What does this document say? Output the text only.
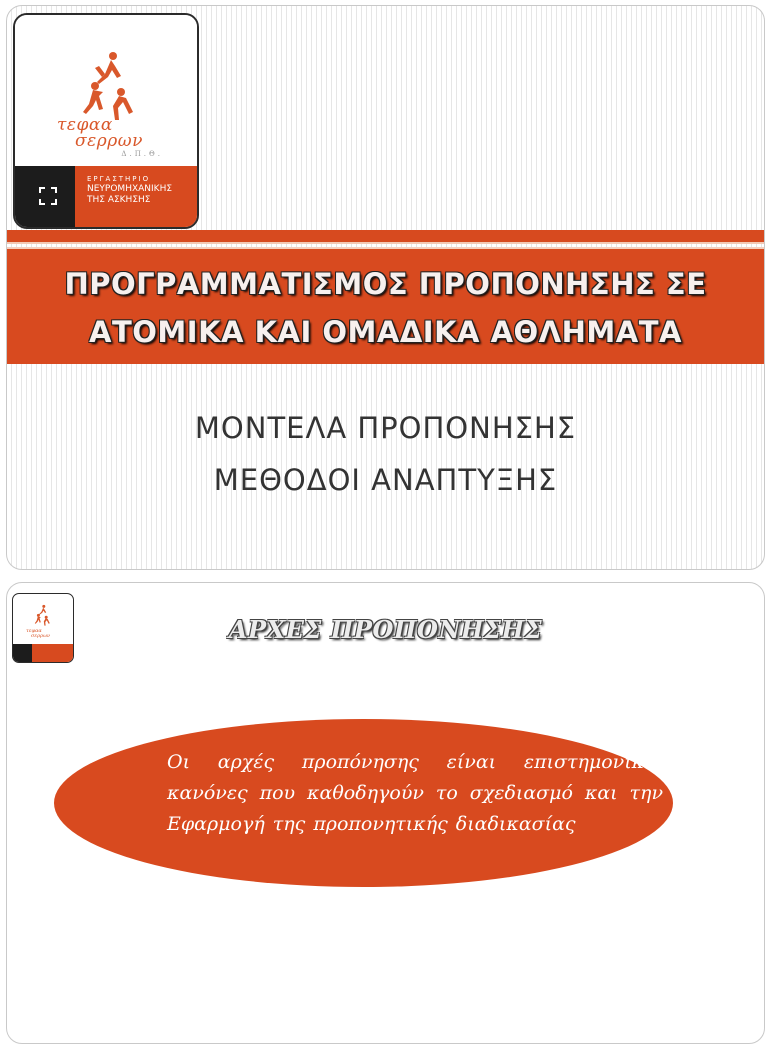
τεφαα
σερρων
Δ.Π.Θ.
ΕΡΓΑΣΤΗΡΙΟ
ΝΕΥΡΟΜΗΧΑΝΙΚΗΣ
ΤΗΣ ΑΣΚΗΣΗΣ
ΠΡΟΓΡΑΜΜΑΤΙΣΜΟΣ ΠΡΟΠΟΝΗΣΗΣ ΣΕ
ΑΤΟΜΙΚΑ ΚΑΙ ΟΜΑΔΙΚΑ ΑΘΛΗΜΑΤΑ
ΜΟΝΤΕΛΑ ΠΡΟΠΟΝΗΣΗΣ
ΜΕΘΟΔΟΙ ΑΝΑΠΤΥΞΗΣ
τεφαα
σερρων	ΑΡΧΕΣ ΠΡΟΠΟΝΗΣΗΣ
Οι αρχές προπόνησης είναι επιστημονικοί κανόνες που καθοδηγούν το σχεδιασμό και την Εφαρμογή της προπονητικής διαδικασίας
